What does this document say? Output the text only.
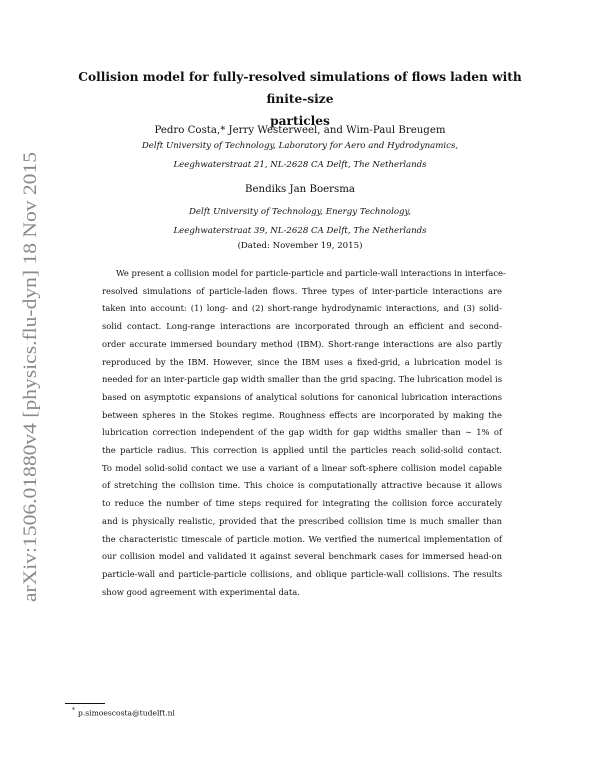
arXiv:1506.01880v4 [physics.flu-dyn] 18 Nov 2015
Collision model for fully-resolved simulations of flows laden with finite-size
particles
Pedro Costa,* Jerry Westerweel, and Wim-Paul Breugem
Delft University of Technology, Laboratory for Aero and Hydrodynamics,
Leeghwaterstraat 21, NL-2628 CA Delft, The Netherlands
Bendiks Jan Boersma
Delft University of Technology, Energy Technology,
Leeghwaterstraat 39, NL-2628 CA Delft, The Netherlands
(Dated: November 19, 2015)
We present a collision model for particle-particle and particle-wall interactions in interface-
resolved simulations of particle-laden flows. Three types of inter-particle interactions are
taken into account: (1) long- and (2) short-range hydrodynamic interactions, and (3) solid-
solid contact. Long-range interactions are incorporated through an efficient and second-
order accurate immersed boundary method (IBM). Short-range interactions are also partly
reproduced by the IBM. However, since the IBM uses a fixed-grid, a lubrication model is
needed for an inter-particle gap width smaller than the grid spacing. The lubrication model is
based on asymptotic expansions of analytical solutions for canonical lubrication interactions
between spheres in the Stokes regime. Roughness effects are incorporated by making the
lubrication correction independent of the gap width for gap widths smaller than ∼ 1% of
the particle radius. This correction is applied until the particles reach solid-solid contact.
To model solid-solid contact we use a variant of a linear soft-sphere collision model capable
of stretching the collision time. This choice is computationally attractive because it allows
to reduce the number of time steps required for integrating the collision force accurately
and is physically realistic, provided that the prescribed collision time is much smaller than
the characteristic timescale of particle motion. We verified the numerical implementation of
our collision model and validated it against several benchmark cases for immersed head-on
particle-wall and particle-particle collisions, and oblique particle-wall collisions. The results
show good agreement with experimental data.
* p.simoescosta@tudelft.nl
